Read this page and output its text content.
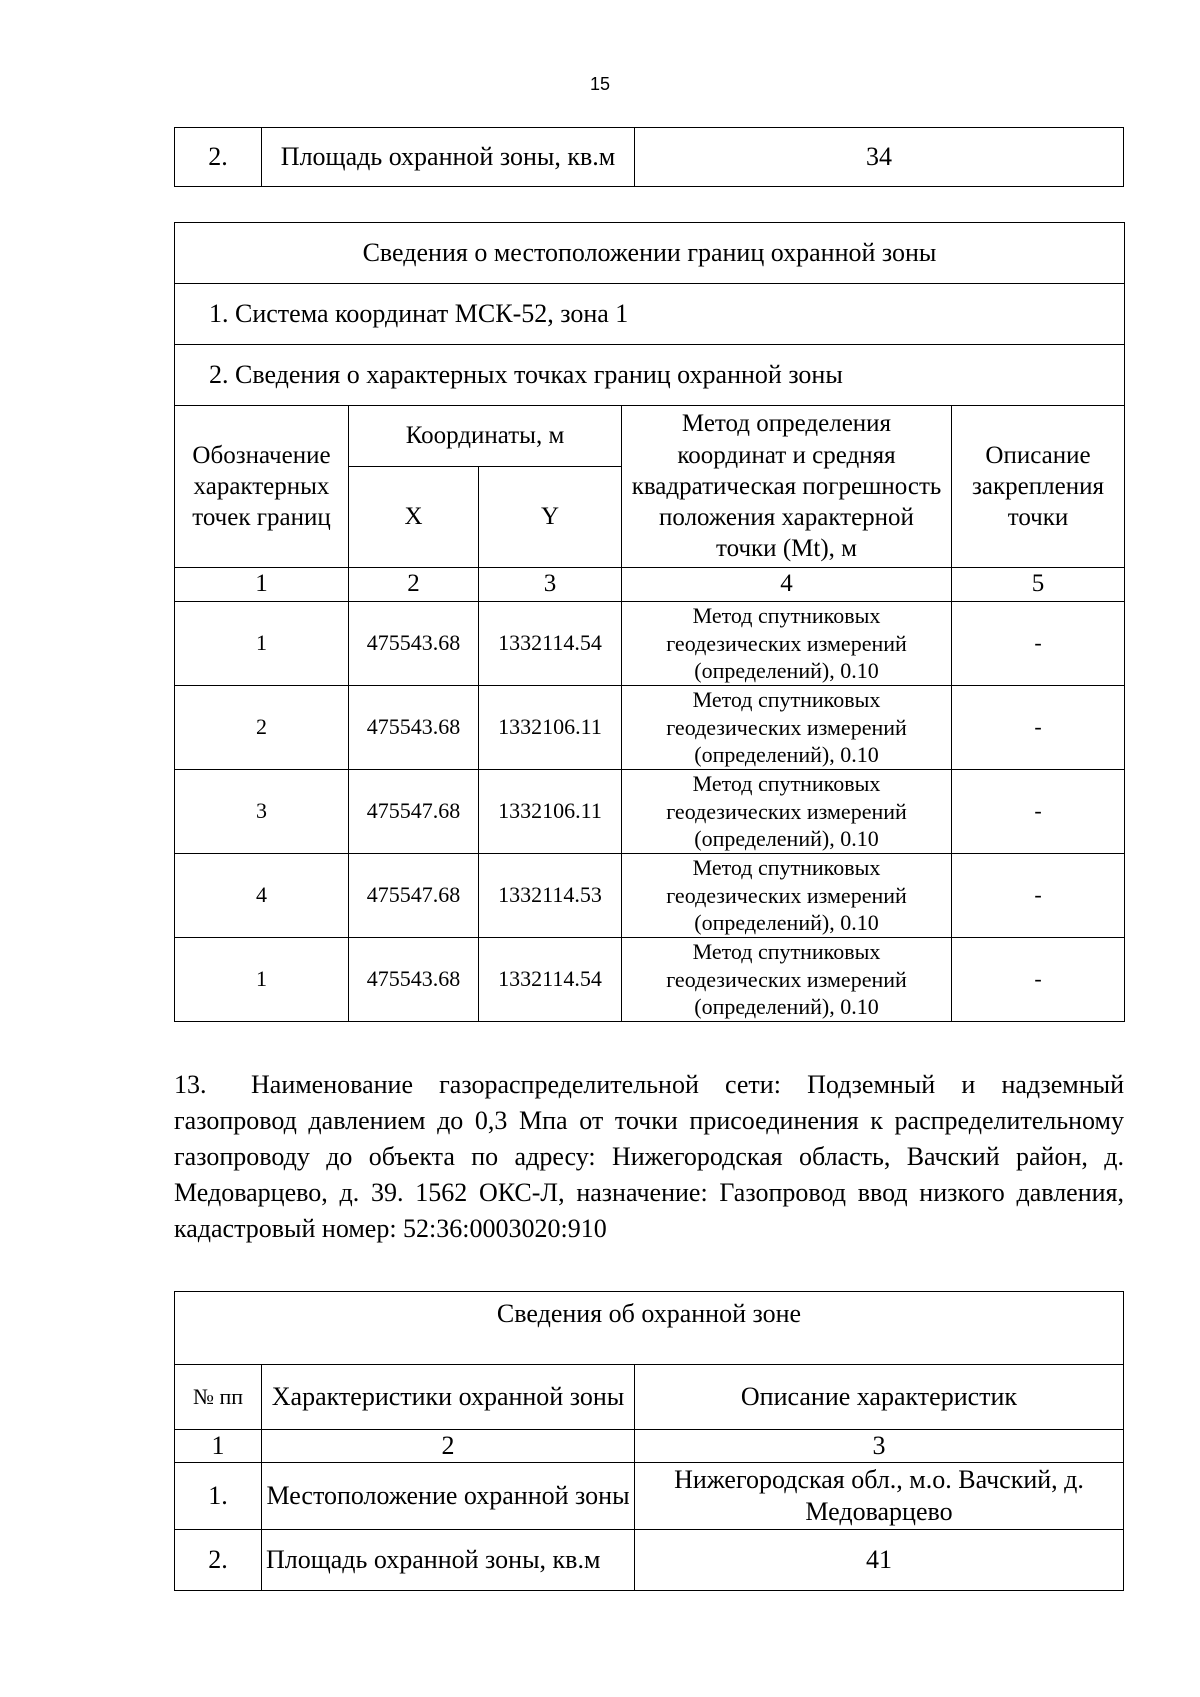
15
2.	Площадь охранной зоны, кв.м	34
Сведения о местоположении границ охранной зоны				
1. Система координат МСК-52, зона 1				
2. Сведения о характерных точках границ охранной зоны				
Обозначение характерных точек границ	Координаты, м		Метод определения координат и средняя квадратическая погрешность положения характерной точки (Mt), м	Описание закрепления точки
	X	Y		
1	2	3	4	5
1	475543.68	1332114.54	Метод спутниковых геодезических измерений (определений), 0.10	-
2	475543.68	1332106.11	Метод спутниковых геодезических измерений (определений), 0.10	-
3	475547.68	1332106.11	Метод спутниковых геодезических измерений (определений), 0.10	-
4	475547.68	1332114.53	Метод спутниковых геодезических измерений (определений), 0.10	-
1	475543.68	1332114.54	Метод спутниковых геодезических измерений (определений), 0.10	-

13. Наименование газораспределительной сети: Подземный и надземный газопровод давлением до 0,3 Мпа от точки присоединения к распределительному газопроводу до объекта по адресу: Нижегородская область, Вачский район, д. Медоварцево, д. 39. 1562 ОКС-Л, назначение: Газопровод ввод низкого давления, кадастровый номер: 52:36:0003020:910

Сведения об охранной зоне		
№ пп	Характеристики охранной зоны	Описание характеристик
1	2	3
1.	Местоположение охранной зоны	Нижегородская обл., м.о. Вачский, д. Медоварцево
2.	Площадь охранной зоны, кв.м	41
